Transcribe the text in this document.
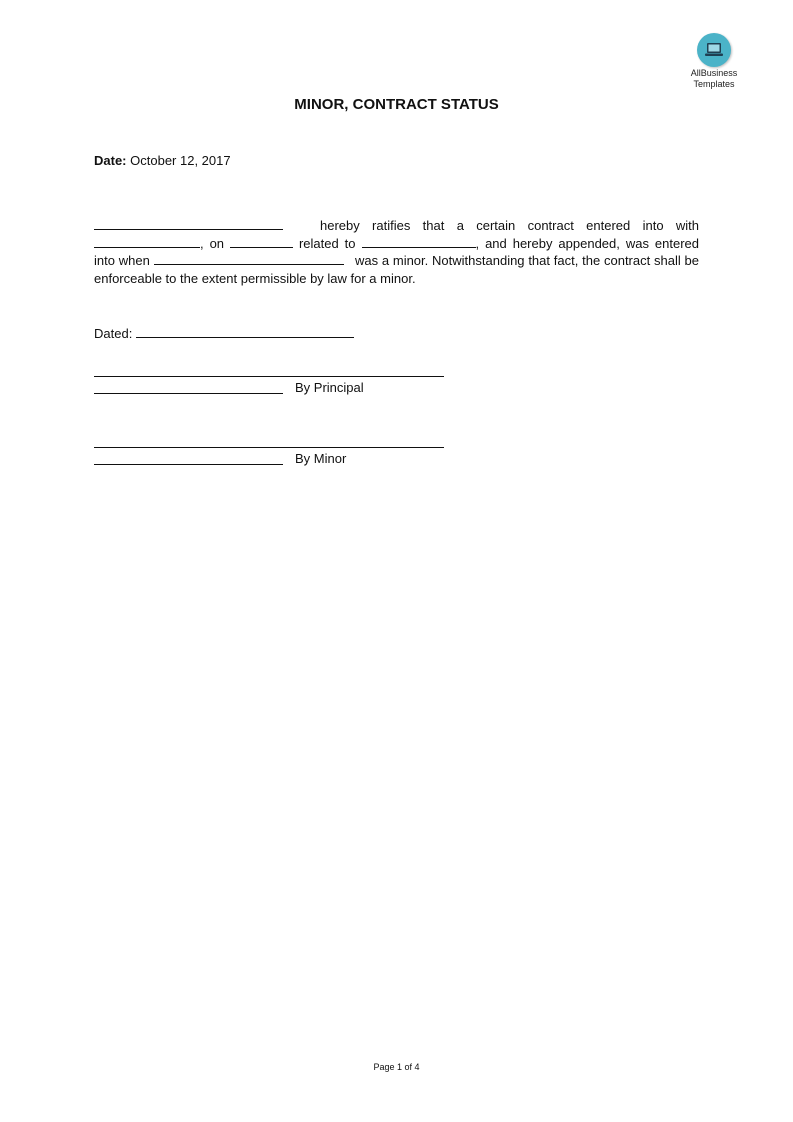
AllBusiness
Templates
MINOR, CONTRACT STATUS
Date: October 12, 2017
hereby ratifies that a certain contract entered into with , on	related to	, and hereby appended, was entered into when	was a minor. Notwithstanding that fact, the contract shall be enforceable to the extent permissible by law for a minor.
Dated:
By Principal
By Minor
Page 1 of 4
